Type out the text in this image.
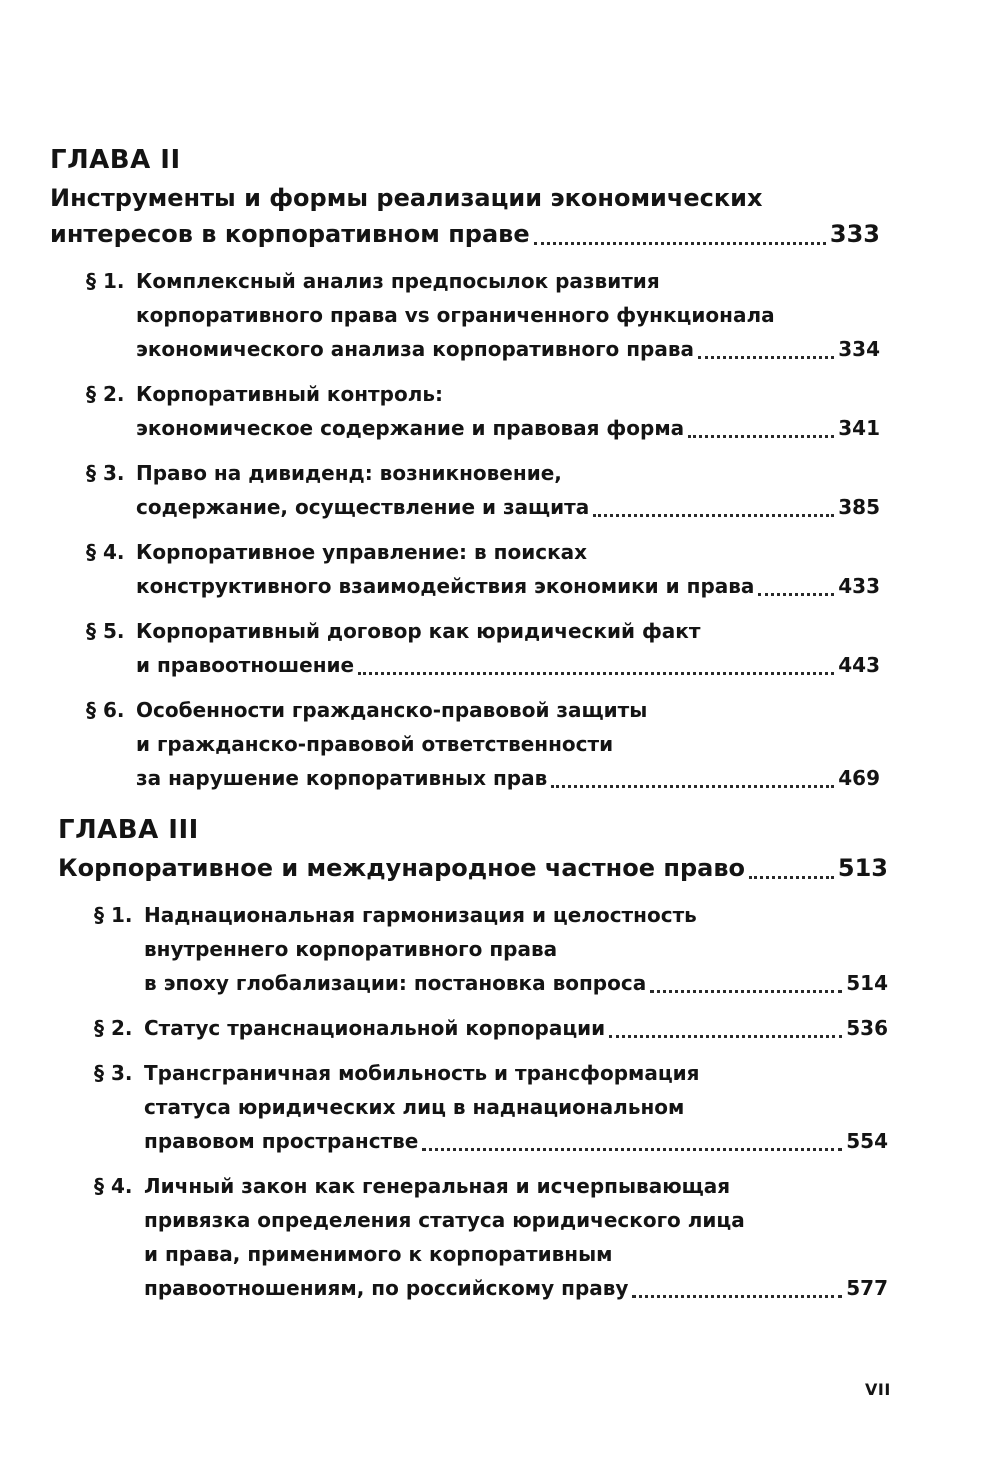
ГЛАВА II
Инструменты и формы реализации экономических
интересов в корпоративном праве	333
§ 1. Комплексный анализ предпосылок развития
корпоративного права vs ограниченного функционала
экономического анализа корпоративного права	334
§ 2. Корпоративный контроль:
экономическое содержание и правовая форма	341
§ 3. Право на дивиденд: возникновение,
содержание, осуществление и защита	385
§ 4. Корпоративное управление: в поисках
конструктивного взаимодействия экономики и права	433
§ 5. Корпоративный договор как юридический факт
и правоотношение	443
§ 6. Особенности гражданско-правовой защиты
и гражданско-правовой ответственности
за нарушение корпоративных прав	469
ГЛАВА III
Корпоративное и международное частное право	513
§ 1. Наднациональная гармонизация и целостность
внутреннего корпоративного права
в эпоху глобализации: постановка вопроса	514
§ 2. Статус транснациональной корпорации	536
§ 3. Трансграничная мобильность и трансформация
статуса юридических лиц в наднациональном
правовом пространстве	554
§ 4. Личный закон как генеральная и исчерпывающая
привязка определения статуса юридического лица
и права, применимого к корпоративным
правоотношениям, по российскому праву	577
VII
